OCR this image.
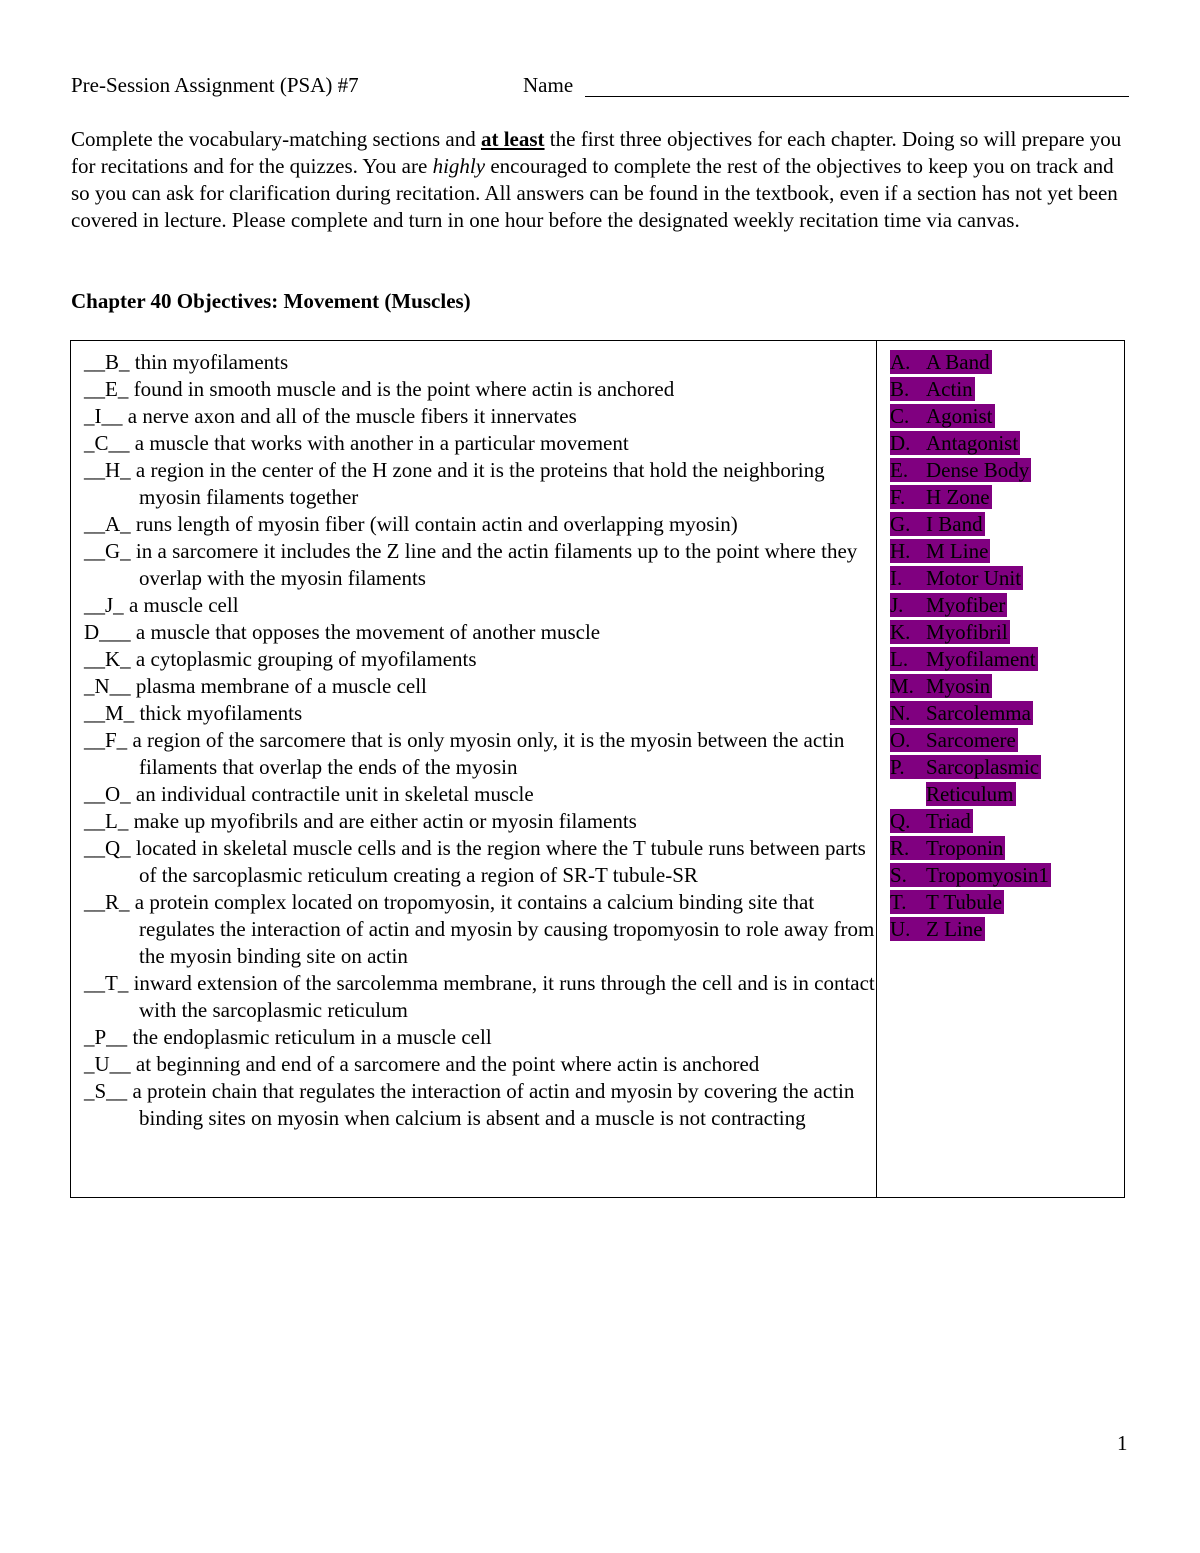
Pre-Session Assignment (PSA) #7	Name
Complete the vocabulary-matching sections and at least the first three objectives for each chapter. Doing so will prepare you for recitations and for the quizzes. You are highly encouraged to complete the rest of the objectives to keep you on track and so you can ask for clarification during recitation. All answers can be found in the textbook, even if a section has not yet been covered in lecture. Please complete and turn in one hour before the designated weekly recitation time via canvas.
Chapter 40 Objectives: Movement (Muscles)
__B_ thin myofilaments
__E_ found in smooth muscle and is the point where actin is anchored
_I__ a nerve axon and all of the muscle fibers it innervates
_C__ a muscle that works with another in a particular movement
__H_ a region in the center of the H zone and it is the proteins that hold the neighboring myosin filaments together
__A_ runs length of myosin fiber (will contain actin and overlapping myosin)
__G_ in a sarcomere it includes the Z line and the actin filaments up to the point where they overlap with the myosin filaments
__J_ a muscle cell
D___ a muscle that opposes the movement of another muscle
__K_ a cytoplasmic grouping of myofilaments
_N__ plasma membrane of a muscle cell
__M_ thick myofilaments
__F_ a region of the sarcomere that is only myosin only, it is the myosin between the actin filaments that overlap the ends of the myosin
__O_ an individual contractile unit in skeletal muscle
__L_ make up myofibrils and are either actin or myosin filaments
__Q_ located in skeletal muscle cells and is the region where the T tubule runs between parts of the sarcoplasmic reticulum creating a region of SR-T tubule-SR
__R_ a protein complex located on tropomyosin, it contains a calcium binding site that regulates the interaction of actin and myosin by causing tropomyosin to role away from the myosin binding site on actin
__T_ inward extension of the sarcolemma membrane, it runs through the cell and is in contact with the sarcoplasmic reticulum
_P__ the endoplasmic reticulum in a muscle cell
_U__ at beginning and end of a sarcomere and the point where actin is anchored
_S__ a protein chain that regulates the interaction of actin and myosin by covering the actin binding sites on myosin when calcium is absent and a muscle is not contracting
A. A Band
B. Actin
C. Agonist
D. Antagonist
E. Dense Body
F. H Zone
G. I Band
H. M Line
I. Motor Unit
J. Myofiber
K. Myofibril
L. Myofilament
M. Myosin
N. Sarcolemma
O. Sarcomere
P. Sarcoplasmic
Reticulum
Q. Triad
R. Troponin
S. Tropomyosin1
T. T Tubule
U. Z Line
1
